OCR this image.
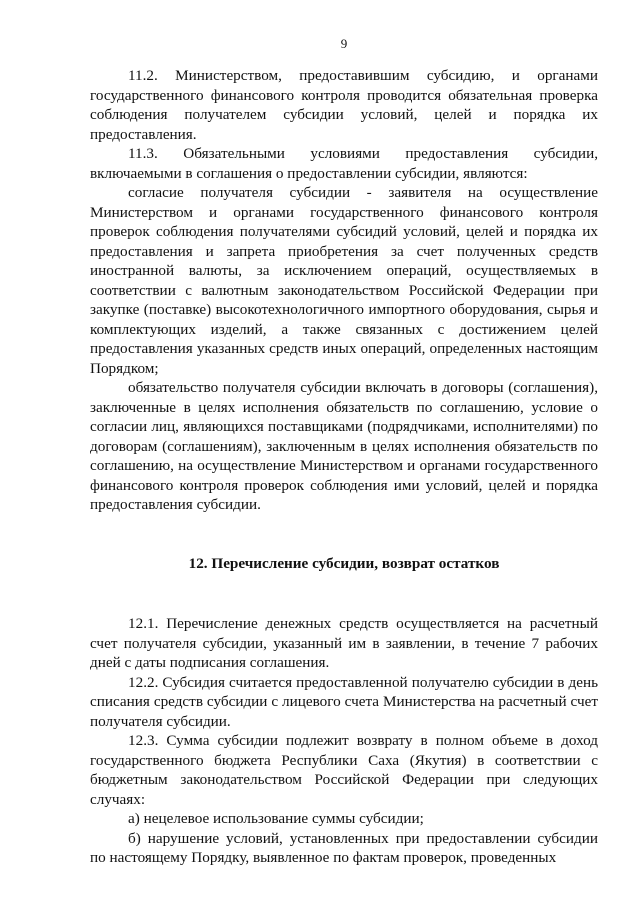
9

11.2. Министерством, предоставившим субсидию, и органами государственного финансового контроля проводится обязательная проверка соблюдения получателем субсидии условий, целей и порядка их предоставления.

11.3. Обязательными условиями предоставления субсидии, включаемыми в соглашения о предоставлении субсидии, являются:

согласие получателя субсидии - заявителя на осуществление Министерством и органами государственного финансового контроля проверок соблюдения получателями субсидий условий, целей и порядка их предоставления и запрета приобретения за счет полученных средств иностранной валюты, за исключением операций, осуществляемых в соответствии с валютным законодательством Российской Федерации при закупке (поставке) высокотехнологичного импортного оборудования, сырья и комплектующих изделий, а также связанных с достижением целей предоставления указанных средств иных операций, определенных настоящим Порядком;

обязательство получателя субсидии включать в договоры (соглашения), заключенные в целях исполнения обязательств по соглашению, условие о согласии лиц, являющихся поставщиками (подрядчиками, исполнителями) по договорам (соглашениям), заключенным в целях исполнения обязательств по соглашению, на осуществление Министерством и органами государственного финансового контроля проверок соблюдения ими условий, целей и порядка предоставления субсидии.

12. Перечисление субсидии, возврат остатков

12.1. Перечисление денежных средств осуществляется на расчетный счет получателя субсидии, указанный им в заявлении, в течение 7 рабочих дней с даты подписания соглашения.

12.2. Субсидия считается предоставленной получателю субсидии в день списания средств субсидии с лицевого счета Министерства на расчетный счет получателя субсидии.

12.3. Сумма субсидии подлежит возврату в полном объеме в доход государственного бюджета Республики Саха (Якутия) в соответствии с бюджетным законодательством Российской Федерации при следующих случаях:

а) нецелевое использование суммы субсидии;

б) нарушение условий, установленных при предоставлении субсидии по настоящему Порядку, выявленное по фактам проверок, проведенных
